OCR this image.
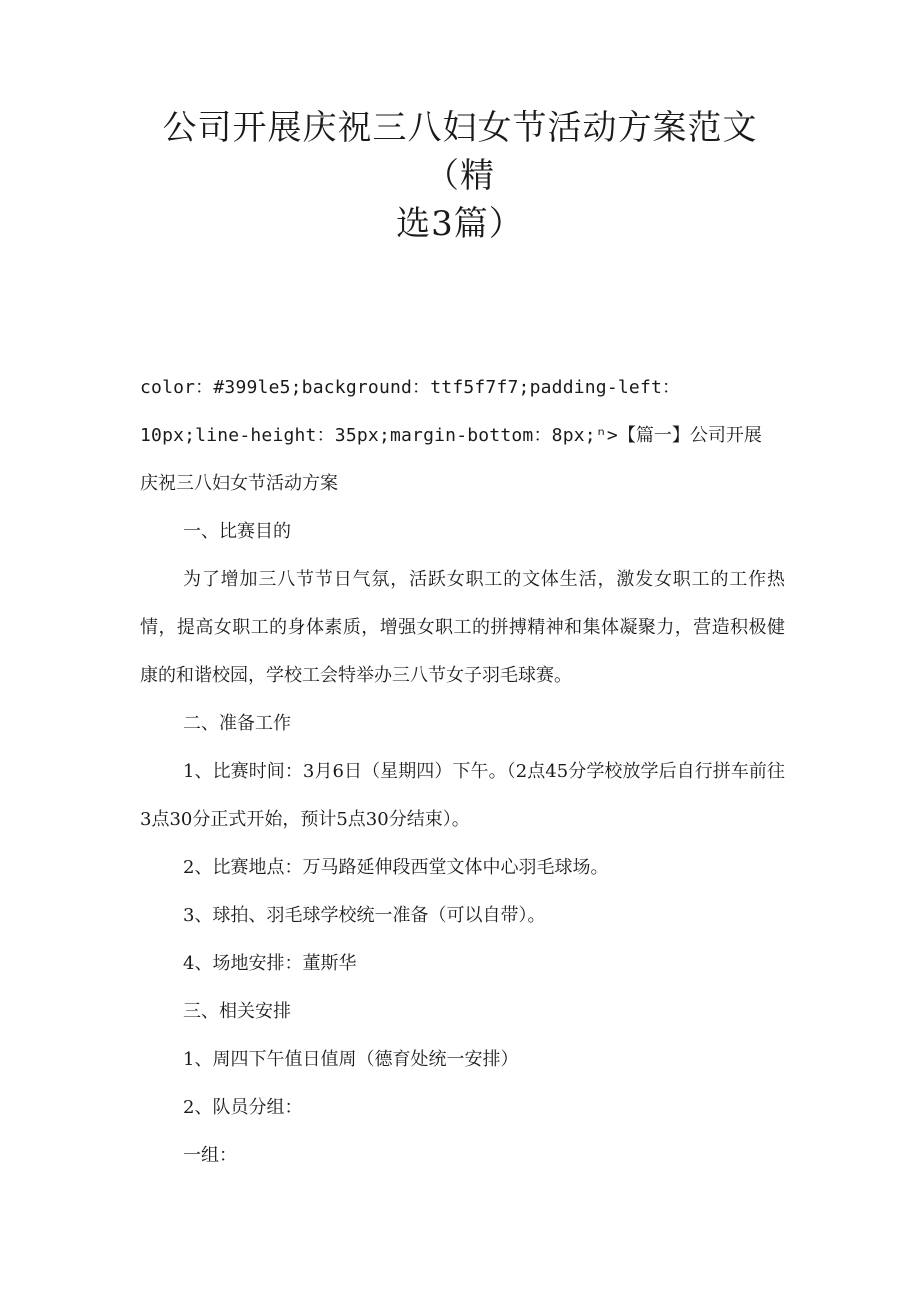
公司开展庆祝三八妇女节活动方案范文
（精
选3篇）

color：#399le5;background：ttf5f7f7;padding-left：

10px;line-height：35px;margin-bottom：8px;ⁿ>【篇一】公司开展

庆祝三八妇女节活动方案

一、比赛目的

为了增加三八节节日气氛，活跃女职工的文体生活，激发女职工的工作热情，提高女职工的身体素质，增强女职工的拼搏精神和集体凝聚力，营造积极健康的和谐校园，学校工会特举办三八节女子羽毛球赛。

二、准备工作

1、比赛时间：3月6日（星期四）下午。（2点45分学校放学后自行拼车前往3点30分正式开始，预计5点30分结束）。

2、比赛地点：万马路延伸段西堂文体中心羽毛球场。

3、球拍、羽毛球学校统一准备（可以自带）。

4、场地安排：董斯华

三、相关安排

1、周四下午值日值周（德育处统一安排）

2、队员分组：

一组：
